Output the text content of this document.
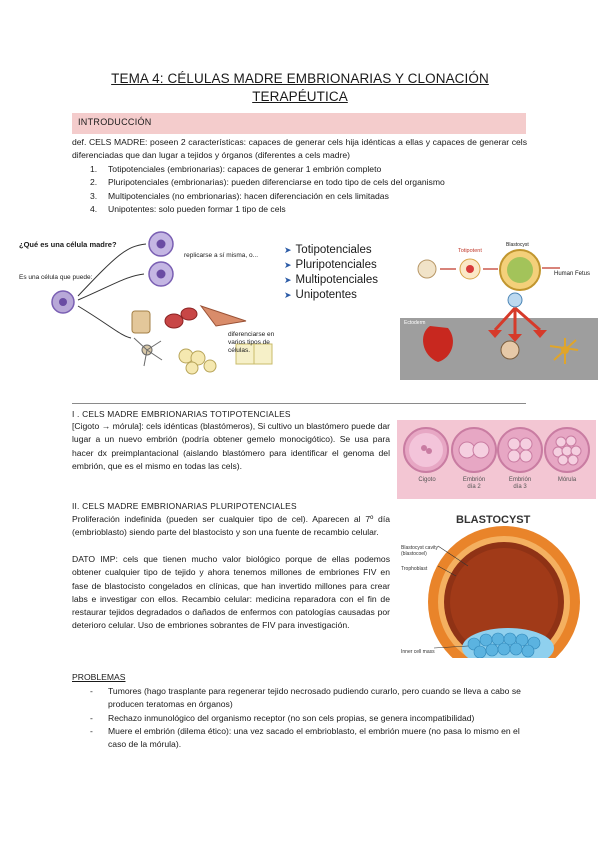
TEMA 4: CÉLULAS MADRE EMBRIONARIAS Y CLONACIÓN
TERAPÉUTICA
INTRODUCCIÓN
def. CELS MADRE: poseen 2 características: capaces de generar cels hija idénticas a ellas y capaces de generar cels diferenciadas que dan lugar a tejidos y órganos (diferentes a cels madre)
1. Totipotenciales (embrionarias): capaces de generar 1 embrión completo
2. Pluripotenciales (embrionarias): pueden diferenciarse en todo tipo de cels del organismo
3. Multipotenciales (no embrionarias): hacen diferenciación en cels limitadas
4. Unipotentes: solo pueden formar 1 tipo de cels
¿Qué es una célula madre?
Es una célula que puede:
replicarse a sí misma, o...
diferenciarse en varios tipos de células.
➤ Totipotenciales
➤ Pluripotenciales
➤ Multipotenciales
➤ Unipotentes
Totipotent
Blastocyst
Human Fetus
Ectoderm
I . CELS MADRE EMBRIONARIAS TOTIPOTENCIALES
[Cigoto → mórula]: cels idénticas (blastómeros), Si cultivo un blastómero puede dar lugar a un nuevo embrión (podría obtener gemelo monocigótico). Se usa para hacer dx preimplantacional (aislando blastómero para identificar el genoma del embrión, que es el mismo en todas las cels).
Cigoto	Embrión día 2
Embrión día 3
Mórula
II. CELS MADRE EMBRIONARIAS PLURIPOTENCIALES
Proliferación indefinida (pueden ser cualquier tipo de cel). Aparecen al 7º día (embrioblasto) siendo parte del blastocisto y son una fuente de recambio celular.
DATO IMP: cels que tienen mucho valor biológico porque de ellas podemos obtener cualquier tipo de tejido y ahora tenemos millones de embriones FIV en fase de blastocisto congelados en clínicas, que han invertido millones para crear labs e investigar con ellos. Recambio celular: medicina reparadora con el fin de restaurar tejidos degradados o dañados de enfermos con patologías causadas por deterioro celular. Uso de embriones sobrantes de FIV para investigación.
BLASTOCYST
Blastocyst cavity (blastocoel)
Trophoblast
Inner cell mass
PROBLEMAS
- Tumores (hago trasplante para regenerar tejido necrosado pudiendo curarlo, pero cuando se lleva a cabo se producen teratomas en órganos)
- Rechazo inmunológico del organismo receptor (no son cels propias, se genera incompatibilidad)
- Muere el embrión (dilema ético): una vez sacado el embrioblasto, el embrión muere (no pasa lo mismo en el caso de la mórula).
